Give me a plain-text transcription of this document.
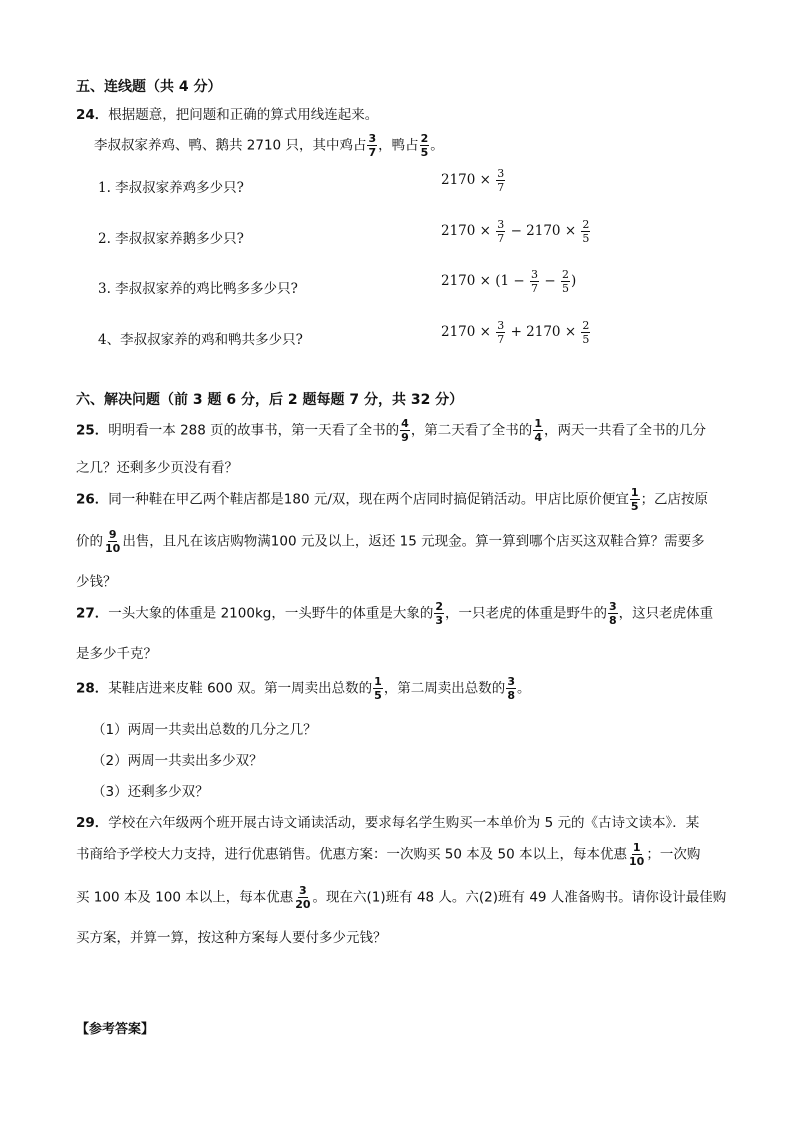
五、连线题（共 4 分）
24．根据题意，把问题和正确的算式用线连起来。
李叔叔家养鸡、鸭、鹅共 2710 只，其中鸡占 $\frac{3}{7}$ ，鸭占 $\frac{2}{5}$ 。
1. 李叔叔家养鸡多少只?
2. 李叔叔家养鹅多少只?
3. 李叔叔家养的鸡比鸭多多少只?
4、李叔叔家养的鸡和鸭共多少只?
$2170 \times \frac{3}{7}$
$2170 \times \frac{3}{7} - 2170 \times \frac{2}{5}$
$2170 \times (1 - \frac{3}{7} - \frac{2}{5}$ )
$2170 \times \frac{3}{7} + 2170 \times \frac{2}{5}$
六、解决问题（前 3 题 6 分，后 2 题每题 7 分，共 32 分）
25．明明看一本 288 页的故事书，第一天看了全书的 $\frac{4}{9}$ ，第二天看了全书的 $\frac{1}{4}$ ，两天一共看了全书的几分
之几？还剩多少页没有看？
26．同一种鞋在甲乙两个鞋店都是180 元/双，现在两个店同时搞促销活动。甲店比原价便宜 $\frac{1}{5}$ ；乙店按原
价的 $\frac{9}{10}$ 出售，且凡在该店购物满100 元及以上，返还 15 元现金。算一算到哪个店买这双鞋合算？需要多
少钱？
27．一头大象的体重是 2100kg，一头野牛的体重是大象的 $\frac{2}{3}$ ，一只老虎的体重是野牛的 $\frac{3}{8}$ ，这只老虎体重
是多少千克？
28．某鞋店进来皮鞋 600 双。第一周卖出总数的 $\frac{1}{5}$ ，第二周卖出总数的 $\frac{3}{8}$ 。
（1）两周一共卖出总数的几分之几？
（2）两周一共卖出多少双？
（3）还剩多少双？
29．学校在六年级两个班开展古诗文诵读活动，要求每名学生购买一本单价为 5 元的《古诗文读本》．某
书商给予学校大力支持，进行优惠销售。优惠方案：一次购买 50 本及 50 本以上，每本优惠 $\frac{1}{10}$ ；一次购
买 100 本及 100 本以上，每本优惠 $\frac{3}{20}$ 。现在六(1)班有 48 人。六(2)班有 49 人准备购书。请你设计最佳购
买方案，并算一算，按这种方案每人要付多少元钱？
【参考答案】
